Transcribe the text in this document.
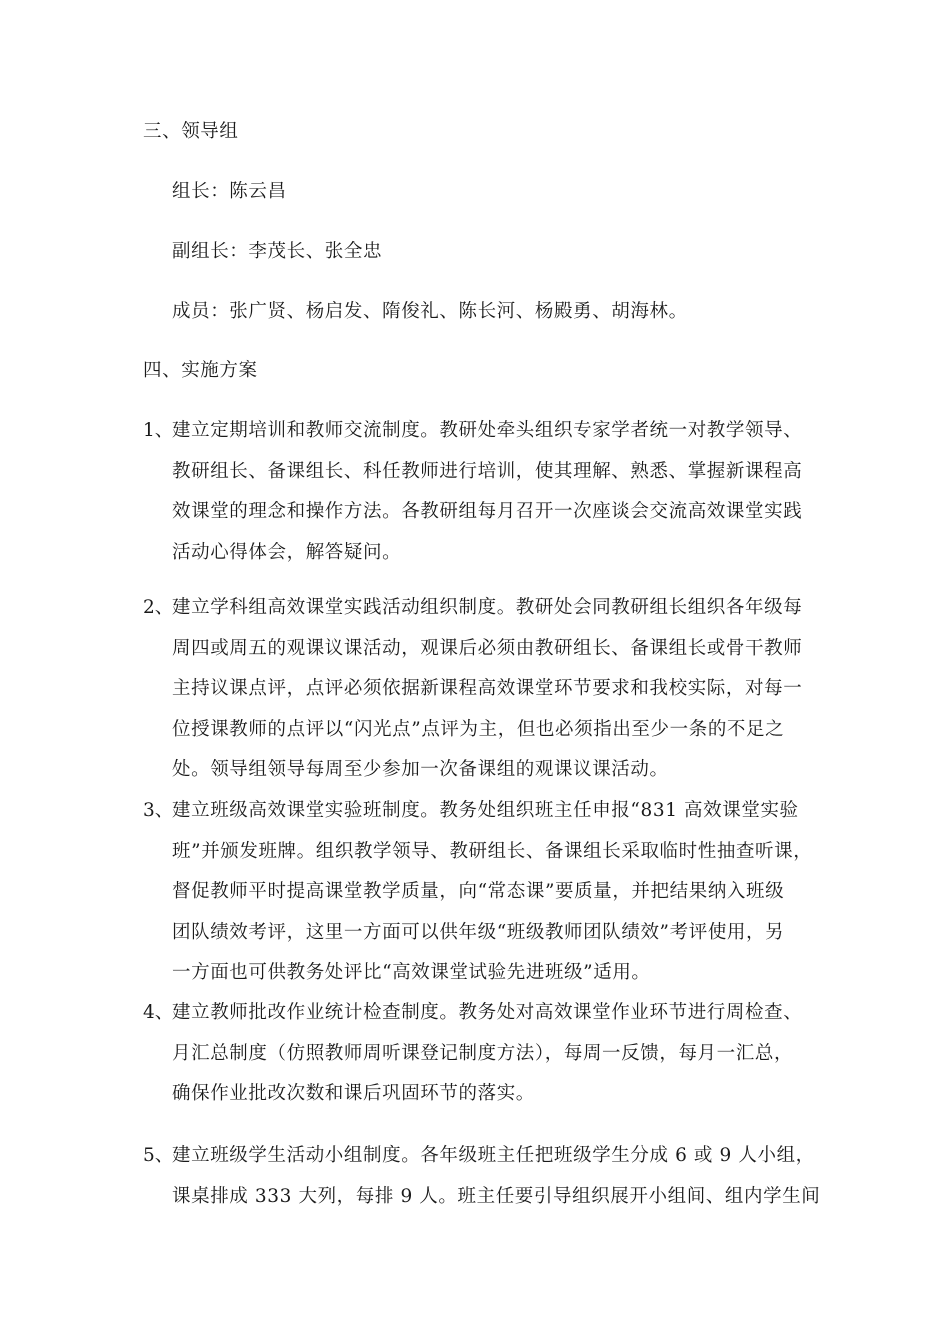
三、领导组
组长：陈云昌
副组长：李茂长、张全忠
成员：张广贤、杨启发、隋俊礼、陈长河、杨殿勇、胡海林。
四、实施方案
1、
建立定期培训和教师交流制度。教研处牵头组织专家学者统一对教学领导、
教研组长、备课组长、科任教师进行培训，使其理解、熟悉、掌握新课程高
效课堂的理念和操作方法。各教研组每月召开一次座谈会交流高效课堂实践
活动心得体会，解答疑问。
2、
建立学科组高效课堂实践活动组织制度。教研处会同教研组长组织各年级每
周四或周五的观课议课活动，观课后必须由教研组长、备课组长或骨干教师
主持议课点评，点评必须依据新课程高效课堂环节要求和我校实际，对每一
位授课教师的点评以“闪光点”点评为主，但也必须指出至少一条的不足之
处。领导组领导每周至少参加一次备课组的观课议课活动。
3、
建立班级高效课堂实验班制度。教务处组织班主任申报“831 高效课堂实验
班”并颁发班牌。组织教学领导、教研组长、备课组长采取临时性抽查听课，
督促教师平时提高课堂教学质量，向“常态课”要质量，并把结果纳入班级
团队绩效考评，这里一方面可以供年级“班级教师团队绩效”考评使用，另
一方面也可供教务处评比“高效课堂试验先进班级”适用。
4、
建立教师批改作业统计检查制度。教务处对高效课堂作业环节进行周检查、
月汇总制度（仿照教师周听课登记制度方法），每周一反馈，每月一汇总，
确保作业批改次数和课后巩固环节的落实。
5、
建立班级学生活动小组制度。各年级班主任把班级学生分成 6 或 9 人小组，
课桌排成 333 大列，每排 9 人。班主任要引导组织展开小组间、组内学生间
